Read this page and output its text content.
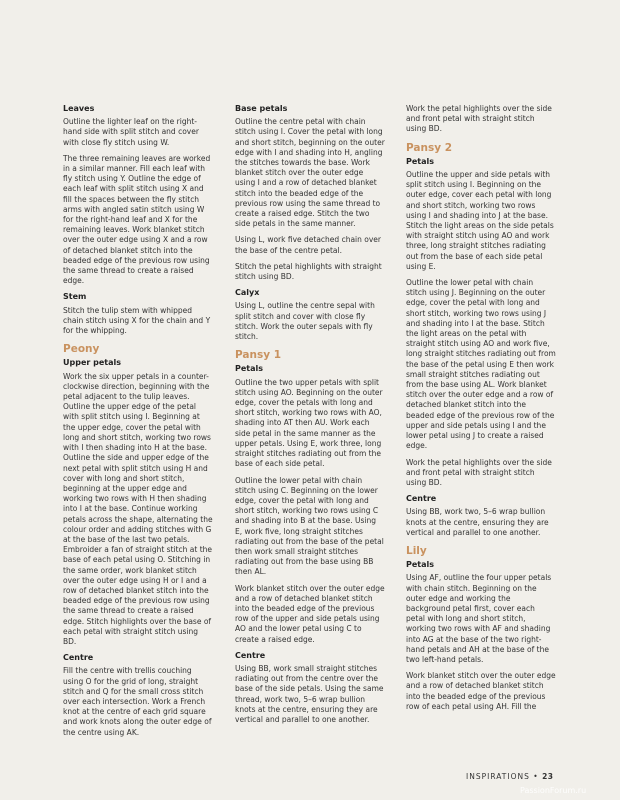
Leaves

Outline the lighter leaf on the right-hand side with split stitch and cover with close fly stitch using W.

The three remaining leaves are worked in a similar manner. Fill each leaf with fly stitch using Y. Outline the edge of each leaf with split stitch using X and fill the spaces between the fly stitch arms with angled satin stitch using W for the right-hand leaf and X for the remaining leaves. Work blanket stitch over the outer edge using X and a row of detached blanket stitch into the beaded edge of the previous row using the same thread to create a raised edge.

Stem

Stitch the tulip stem with whipped chain stitch using X for the chain and Y for the whipping.

Peony
Upper petals

Work the six upper petals in a counter-clockwise direction, beginning with the petal adjacent to the tulip leaves. Outline the upper edge of the petal with split stitch using I. Beginning at the upper edge, cover the petal with long and short stitch, working two rows with I then shading into H at the base. Outline the side and upper edge of the next petal with split stitch using H and cover with long and short stitch, beginning at the upper edge and working two rows with H then shading into I at the base. Continue working petals across the shape, alternating the colour order and adding stitches with G at the base of the last two petals. Embroider a fan of straight stitch at the base of each petal using O. Stitching in the same order, work blanket stitch over the outer edge using H or I and a row of detached blanket stitch into the beaded edge of the previous row using the same thread to create a raised edge. Stitch highlights over the base of each petal with straight stitch using BD.

Centre

Fill the centre with trellis couching using O for the grid of long, straight stitch and Q for the small cross stitch over each intersection. Work a French knot at the centre of each grid square and work knots along the outer edge of the centre using AK.

Base petals

Outline the centre petal with chain stitch using I. Cover the petal with long and short stitch, beginning on the outer edge with I and shading into H, angling the stitches towards the base. Work blanket stitch over the outer edge using I and a row of detached blanket stitch into the beaded edge of the previous row using the same thread to create a raised edge. Stitch the two side petals in the same manner.

Using L, work five detached chain over the base of the centre petal.

Stitch the petal highlights with straight stitch using BD.

Calyx

Using L, outline the centre sepal with split stitch and cover with close fly stitch. Work the outer sepals with fly stitch.

Pansy 1
Petals

Outline the two upper petals with split stitch using AO. Beginning on the outer edge, cover the petals with long and short stitch, working two rows with AO, shading into AT then AU. Work each side petal in the same manner as the upper petals. Using E, work three, long straight stitches radiating out from the base of each side petal.

Outline the lower petal with chain stitch using C. Beginning on the lower edge, cover the petal with long and short stitch, working two rows using C and shading into B at the base. Using E, work five, long straight stitches radiating out from the base of the petal then work small straight stitches radiating out from the base using BB then AL.

Work blanket stitch over the outer edge and a row of detached blanket stitch into the beaded edge of the previous row of the upper and side petals using AO and the lower petal using C to create a raised edge.

Centre

Using BB, work small straight stitches radiating out from the centre over the base of the side petals. Using the same thread, work two, 5–6 wrap bullion knots at the centre, ensuring they are vertical and parallel to one another.

Work the petal highlights over the side and front petal with straight stitch using BD.

Pansy 2
Petals

Outline the upper and side petals with split stitch using I. Beginning on the outer edge, cover each petal with long and short stitch, working two rows using I and shading into J at the base. Stitch the light areas on the side petals with straight stitch using AO and work three, long straight stitches radiating out from the base of each side petal using E.

Outline the lower petal with chain stitch using J. Beginning on the outer edge, cover the petal with long and short stitch, working two rows using J and shading into I at the base. Stitch the light areas on the petal with straight stitch using AO and work five, long straight stitches radiating out from the base of the petal using E then work small straight stitches radiating out from the base using AL. Work blanket stitch over the outer edge and a row of detached blanket stitch into the beaded edge of the previous row of the upper and side petals using I and the lower petal using J to create a raised edge.

Work the petal highlights over the side and front petal with straight stitch using BD.

Centre

Using BB, work two, 5–6 wrap bullion knots at the centre, ensuring they are vertical and parallel to one another.

Lily
Petals

Using AF, outline the four upper petals with chain stitch. Beginning on the outer edge and working the background petal first, cover each petal with long and short stitch, working two rows with AF and shading into AG at the base of the two right-hand petals and AH at the base of the two left-hand petals.

Work blanket stitch over the outer edge and a row of detached blanket stitch into the beaded edge of the previous row of each petal using AH. Fill the

INSPIRATIONS • 23
PassionForum.ru
